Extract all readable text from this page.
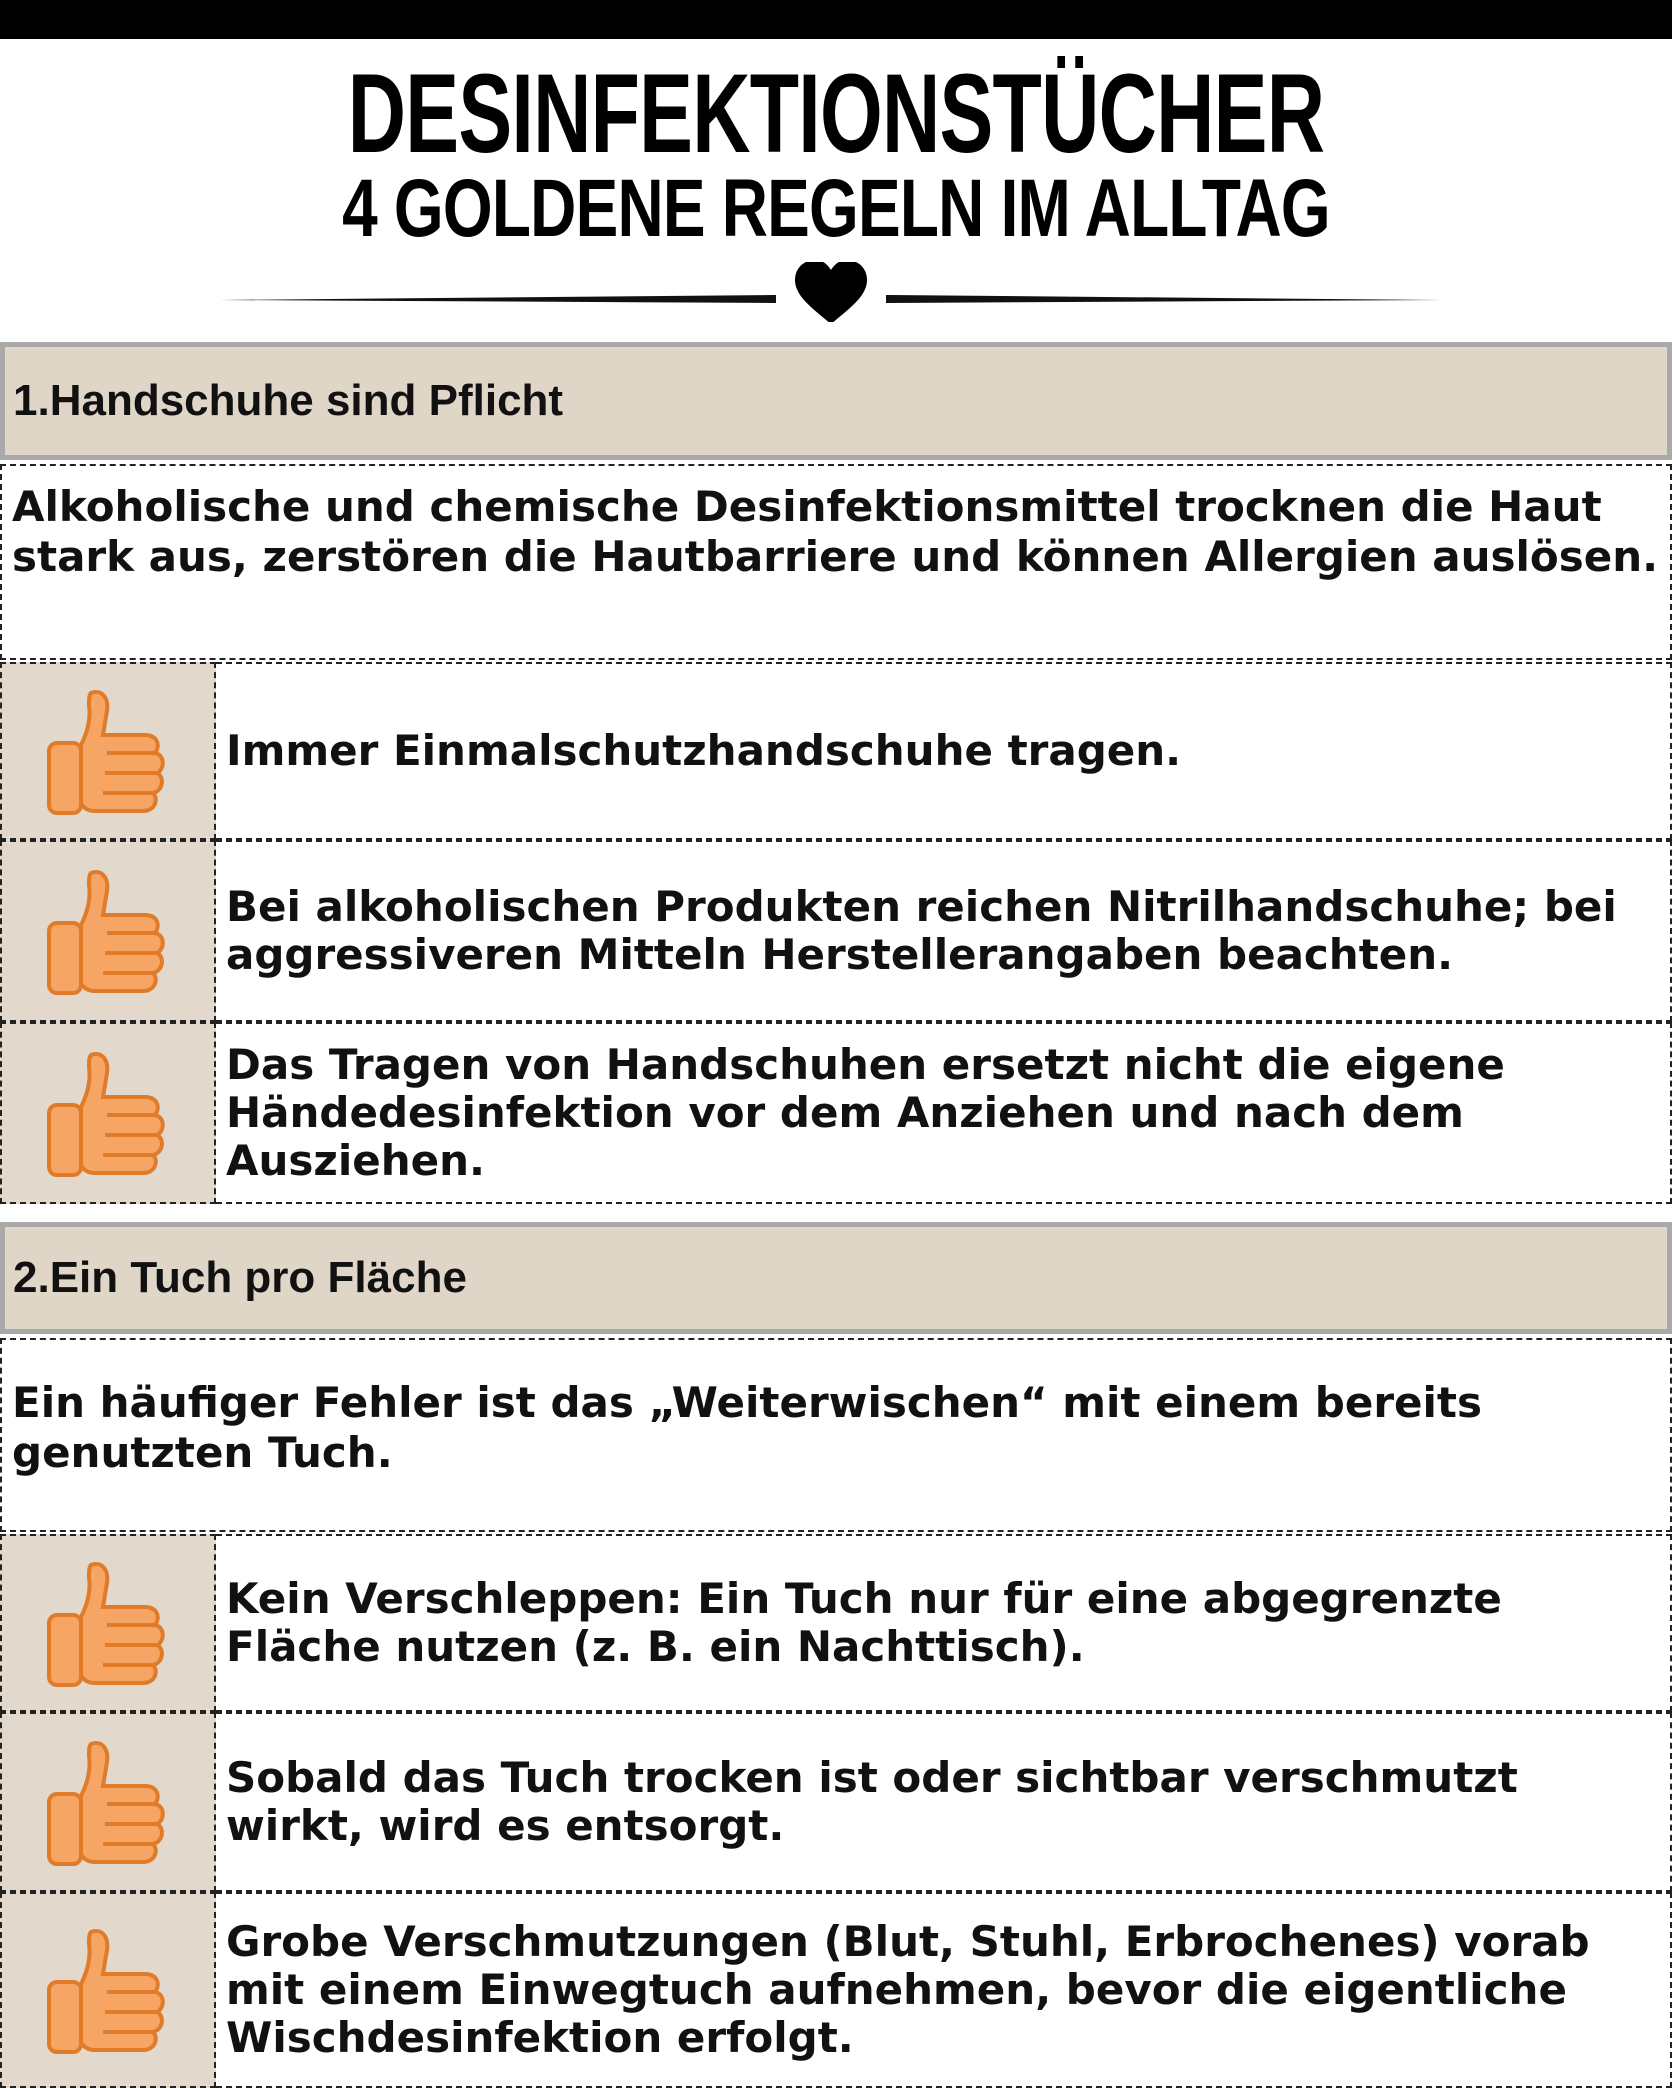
DESINFEKTIONSTÜCHER
4 GOLDENE REGELN IM ALLTAG
1.Handschuhe sind Pflicht
Alkoholische und chemische Desinfektionsmittel trocknen die Haut stark aus, zerstören die Hautbarriere und können Allergien auslösen.
Immer Einmalschutzhandschuhe tragen.
Bei alkoholischen Produkten reichen Nitrilhandschuhe; bei aggressiveren Mitteln Herstellerangaben beachten.
Das Tragen von Handschuhen ersetzt nicht die eigene Händedesinfektion vor dem Anziehen und nach dem Ausziehen.
2.Ein Tuch pro Fläche
Ein häufiger Fehler ist das „Weiterwischen“ mit einem bereits genutzten Tuch.
Kein Verschleppen: Ein Tuch nur für eine abgegrenzte Fläche nutzen (z. B. ein Nachttisch).
Sobald das Tuch trocken ist oder sichtbar verschmutzt wirkt, wird es entsorgt.
Grobe Verschmutzungen (Blut, Stuhl, Erbrochenes) vorab mit einem Einwegtuch aufnehmen, bevor die eigentliche Wischdesinfektion erfolgt.
